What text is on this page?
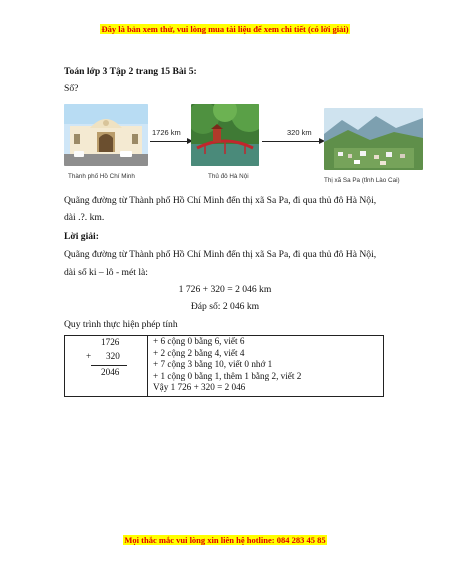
Đây là bản xem thử, vui lòng mua tài liệu để xem chi tiết (có lời giải)
Toán lớp 3 Tập 2 trang 15 Bài 5:
Số?
Thành phố Hồ Chí Minh
1726 km
Thủ đô Hà Nội
320 km
Thị xã Sa Pa (tỉnh Lào Cai)
Quãng đường từ Thành phố Hồ Chí Minh đến thị xã Sa Pa, đi qua thủ đô Hà Nội,
dài .?. km.
Lời giải:
Quãng đường từ Thành phố Hồ Chí Minh đến thị xã Sa Pa, đi qua thủ đô Hà Nội,
dài số ki – lô - mét là:
1 726 + 320 = 2 046 km
Đáp số: 2 046 km
Quy trình thực hiện phép tính
1726
+ 320
2046
+ 6 cộng 0 bằng 6, viết 6
+ 2 cộng 2 bằng 4, viết 4
+ 7 cộng 3 bằng 10, viết 0 nhớ 1
+ 1 cộng 0 bằng 1, thêm 1 bằng 2, viết 2
Vậy 1 726 + 320 = 2 046
Mọi thắc mắc vui lòng xin liên hệ hotline: 084 283 45 85
